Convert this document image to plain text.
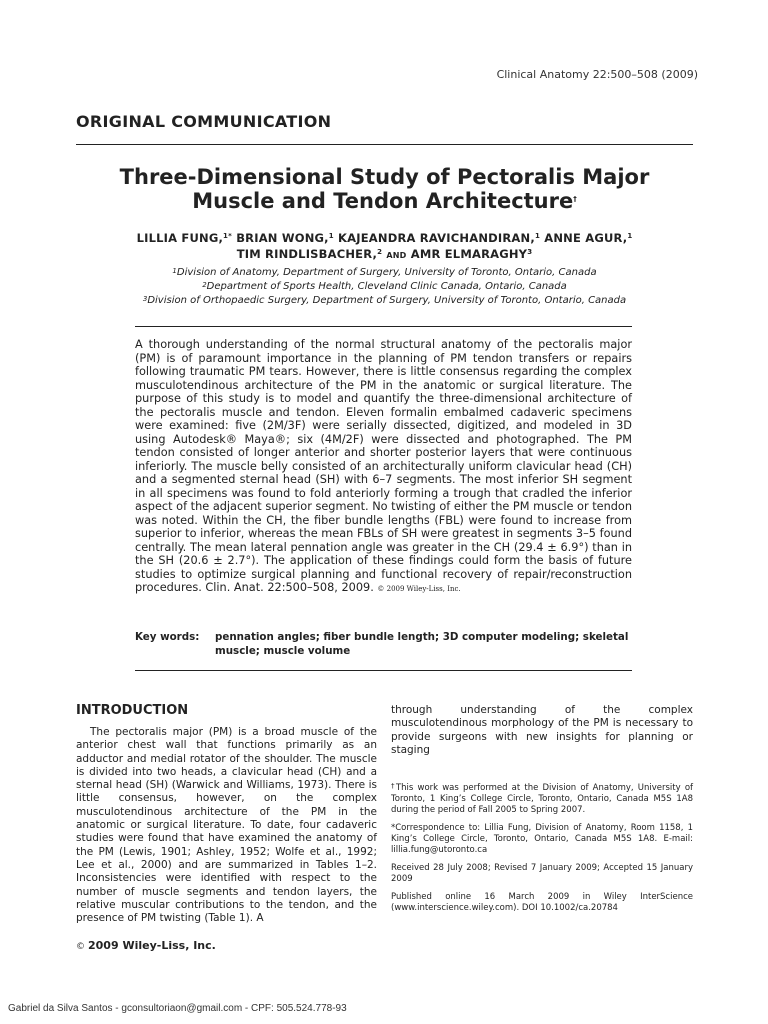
Clinical Anatomy 22:500–508 (2009)
ORIGINAL COMMUNICATION
Three-Dimensional Study of Pectoralis Major
Muscle and Tendon Architecture†
LILLIA FUNG,$^{1*}$ BRIAN WONG,$^1$ KAJEANDRA RAVICHANDIRAN,$^1$ ANNE AGUR,$^1$
TIM RINDLISBACHER,$^2$ AND AMR ELMARAGHY$^3$
$^1$Division of Anatomy, Department of Surgery, University of Toronto, Ontario, Canada
$^2$Department of Sports Health, Cleveland Clinic Canada, Ontario, Canada
$^3$Division of Orthopaedic Surgery, Department of Surgery, University of Toronto, Ontario, Canada
A thorough understanding of the normal structural anatomy of the pectoralis major (PM) is of paramount importance in the planning of PM tendon transfers or repairs following traumatic PM tears. However, there is little consensus regarding the complex musculotendinous architecture of the PM in the anatomic or surgical literature. The purpose of this study is to model and quantify the three-dimensional architecture of the pectoralis muscle and tendon. Eleven formalin embalmed cadaveric specimens were examined: five (2M/3F) were serially dissected, digitized, and modeled in 3D using Autodesk® Maya®; six (4M/2F) were dissected and photographed. The PM tendon consisted of longer anterior and shorter posterior layers that were continuous inferiorly. The muscle belly consisted of an architecturally uniform clavicular head (CH) and a segmented sternal head (SH) with 6–7 segments. The most inferior SH segment in all specimens was found to fold anteriorly forming a trough that cradled the inferior aspect of the adjacent superior segment. No twisting of either the PM muscle or tendon was noted. Within the CH, the fiber bundle lengths (FBL) were found to increase from superior to inferior, whereas the mean FBLs of SH were greatest in segments 3–5 found centrally. The mean lateral pennation angle was greater in the CH (29.4 ± 6.9°) than in the SH (20.6 ± 2.7°). The application of these findings could form the basis of future studies to optimize surgical planning and functional recovery of repair/reconstruction procedures. Clin. Anat. 22:500–508, 2009. © 2009 Wiley-Liss, Inc.
Key words:	pennation angles; fiber bundle length; 3D computer modeling; skeletal muscle; muscle volume
INTRODUCTION
The pectoralis major (PM) is a broad muscle of the anterior chest wall that functions primarily as an adductor and medial rotator of the shoulder. The muscle is divided into two heads, a clavicular head (CH) and a sternal head (SH) (Warwick and Williams, 1973). There is little consensus, however, on the complex musculotendinous architecture of the PM in the anatomic or surgical literature. To date, four cadaveric studies were found that have examined the anatomy of the PM (Lewis, 1901; Ashley, 1952; Wolfe et al., 1992; Lee et al., 2000) and are summarized in Tables 1–2. Inconsistencies were identified with respect to the number of muscle segments and tendon layers, the relative muscular contributions to the tendon, and the presence of PM twisting (Table 1). A
through understanding of the complex musculotendinous morphology of the PM is necessary to provide surgeons with new insights for planning or staging

†This work was performed at the Division of Anatomy, University of Toronto, 1 King’s College Circle, Toronto, Ontario, Canada M5S 1A8 during the period of Fall 2005 to Spring 2007.

*Correspondence to: Lillia Fung, Division of Anatomy, Room 1158, 1 King’s College Circle, Toronto, Ontario, Canada M5S 1A8. E-mail: lillia.fung@utoronto.ca

Received 28 July 2008; Revised 7 January 2009; Accepted 15 January 2009

Published online 16 March 2009 in Wiley InterScience (www.interscience.wiley.com). DOI 10.1002/ca.20784

© 2009 Wiley-Liss, Inc.
Gabriel da Silva Santos - gconsultoriaon@gmail.com - CPF: 505.524.778-93
